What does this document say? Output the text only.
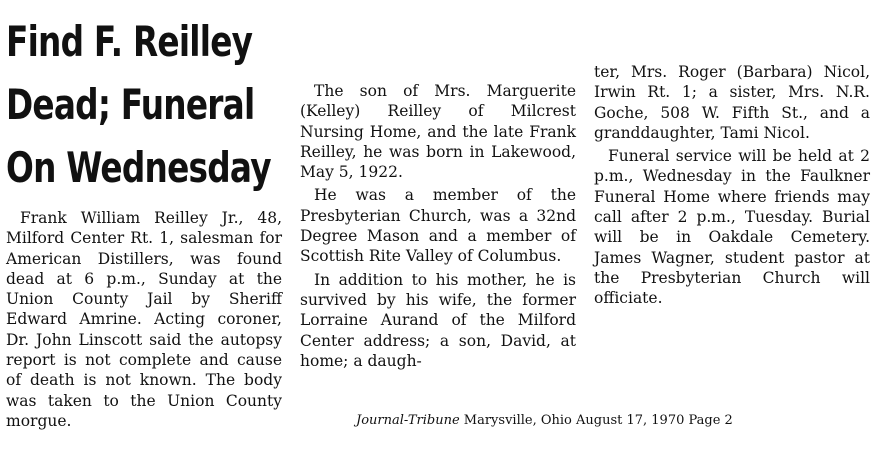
Find F. Reilley
Dead; Funeral
On Wednesday

Frank William Reilley Jr., 48, Milford Center Rt. 1, salesman for American Distillers, was found dead at 6 p.m., Sunday at the Union County Jail by Sheriff Edward Amrine. Acting coroner, Dr. John Linscott said the autopsy report is not complete and cause of death is not known. The body was taken to the Union County morgue.

The son of Mrs. Marguerite (Kelley) Reilley of Milcrest Nursing Home, and the late Frank Reilley, he was born in Lakewood, May 5, 1922.

He was a member of the Presbyterian Church, was a 32nd Degree Mason and a member of Scottish Rite Valley of Columbus.

In addition to his mother, he is survived by his wife, the former Lorraine Aurand of the Milford Center address; a son, David, at home; a daugh-

ter, Mrs. Roger (Barbara) Nicol, Irwin Rt. 1; a sister, Mrs. N.R. Goche, 508 W. Fifth St., and a granddaughter, Tami Nicol.

Funeral service will be held at 2 p.m., Wednesday in the Faulkner Funeral Home where friends may call after 2 p.m., Tuesday. Burial will be in Oakdale Cemetery. James Wagner, student pastor at the Presbyterian Church will officiate.

Journal-Tribune Marysville, Ohio August 17, 1970 Page 2
